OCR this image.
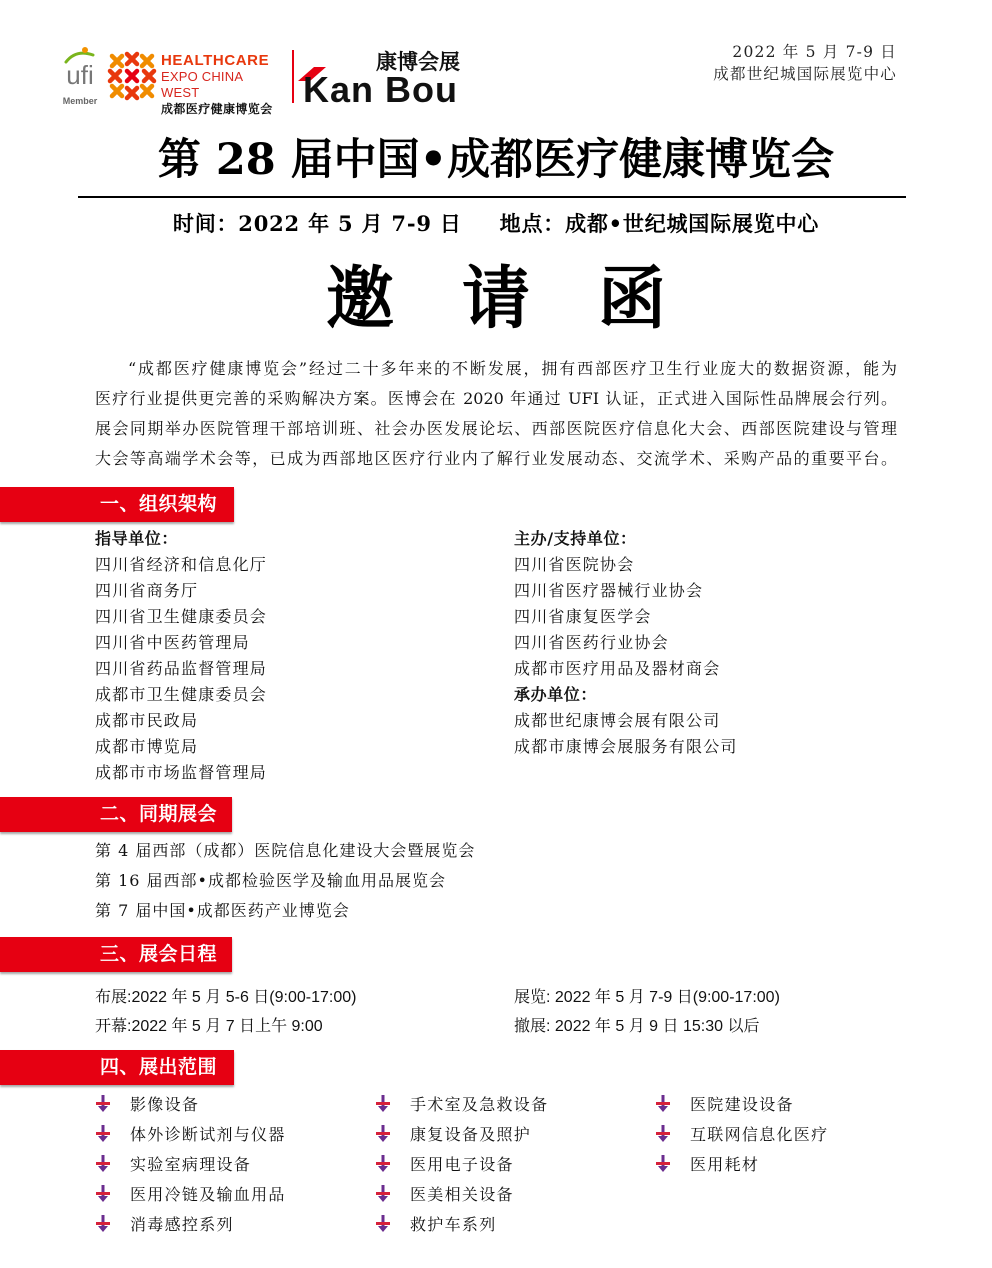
ufi
Member
HEALTHCARE
EXPO CHINA WEST
成都医疗健康博览会
康博会展
Kan Bou
2022 年 5 月 7-9 日
成都世纪城国际展览中心
第 28 届中国•成都医疗健康博览会
时间：2022 年 5 月 7-9 日 地点：成都•世纪城国际展览中心
邀　请　函
“成都医疗健康博览会”经过二十多年来的不断发展，拥有西部医疗卫生行业庞大的数据资源，能为
医疗行业提供更完善的采购解决方案。医博会在 2020 年通过 UFI 认证，正式进入国际性品牌展会行列。
展会同期举办医院管理干部培训班、社会办医发展论坛、西部医院医疗信息化大会、西部医院建设与管理
大会等高端学术会等，已成为西部地区医疗行业内了解行业发展动态、交流学术、采购产品的重要平台。
一、组织架构
指导单位：
四川省经济和信息化厅
四川省商务厅
四川省卫生健康委员会
四川省中医药管理局
四川省药品监督管理局
成都市卫生健康委员会
成都市民政局
成都市博览局
成都市市场监督管理局
主办/支持单位：
四川省医院协会
四川省医疗器械行业协会
四川省康复医学会
四川省医药行业协会
成都市医疗用品及器材商会
承办单位：
成都世纪康博会展有限公司
成都市康博会展服务有限公司
二、同期展会
第 4 届西部（成都）医院信息化建设大会暨展览会
第 16 届西部•成都检验医学及输血用品展览会
第 7 届中国•成都医药产业博览会
三、展会日程
布展:2022 年 5 月 5-6 日(9:00-17:00)
开幕:2022 年 5 月 7 日上午 9:00
展览: 2022 年 5 月 7-9 日(9:00-17:00)
撤展: 2022 年 5 月 9 日 15:30 以后
四、展出范围
影像设备
体外诊断试剂与仪器
实验室病理设备
医用冷链及输血用品
消毒感控系列
手术室及急救设备
康复设备及照护
医用电子设备
医美相关设备
救护车系列
医院建设设备
互联网信息化医疗
医用耗材
